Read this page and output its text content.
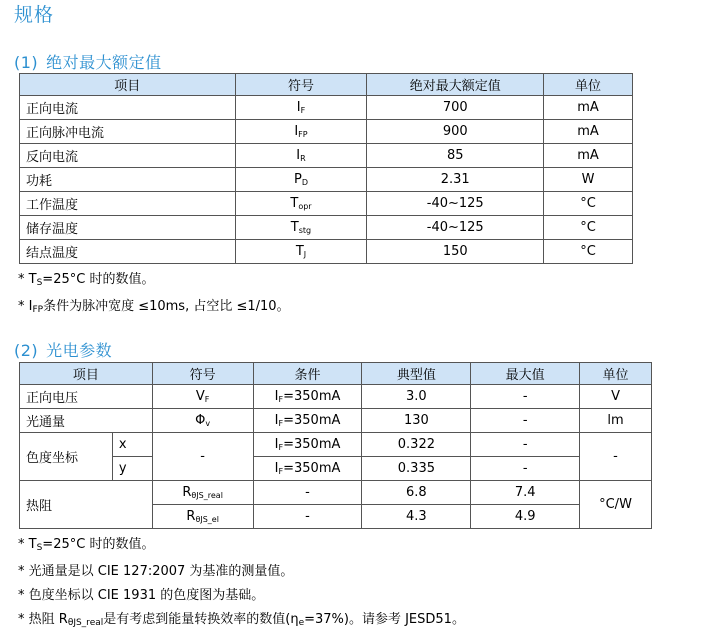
规格
(1) 绝对最大额定值
项目	符号	绝对最大额定值	单位
正向电流	IF	700	mA
正向脉冲电流	IFP	900	mA
反向电流	IR	85	mA
功耗	PD	2.31	W
工作温度	Topr	-40~125	°C
储存温度	Tstg	-40~125	°C
结点温度	TJ	150	°C
* TS=25°C 时的数值。
* IFP条件为脉冲宽度 ≤10ms, 占空比 ≤1/10。
(2) 光电参数
项目		符号	条件	典型值	最大值	单位
正向电压		VF	IF=350mA	3.0	-	V
光通量		Φv	IF=350mA	130	-	lm
色度坐标	x	-	IF=350mA	0.322	-	-
	y		IF=350mA	0.335	-	
热阻		RθJS_real	-	6.8	7.4	°C/W
		RθJS_el	-	4.3	4.9	
* TS=25°C 时的数值。
* 光通量是以 CIE 127:2007 为基准的测量值。
* 色度坐标以 CIE 1931 的色度图为基础。
* 热阻 RθJS_real是有考虑到能量转换效率的数值(ηe=37%)。请参考 JESD51。
